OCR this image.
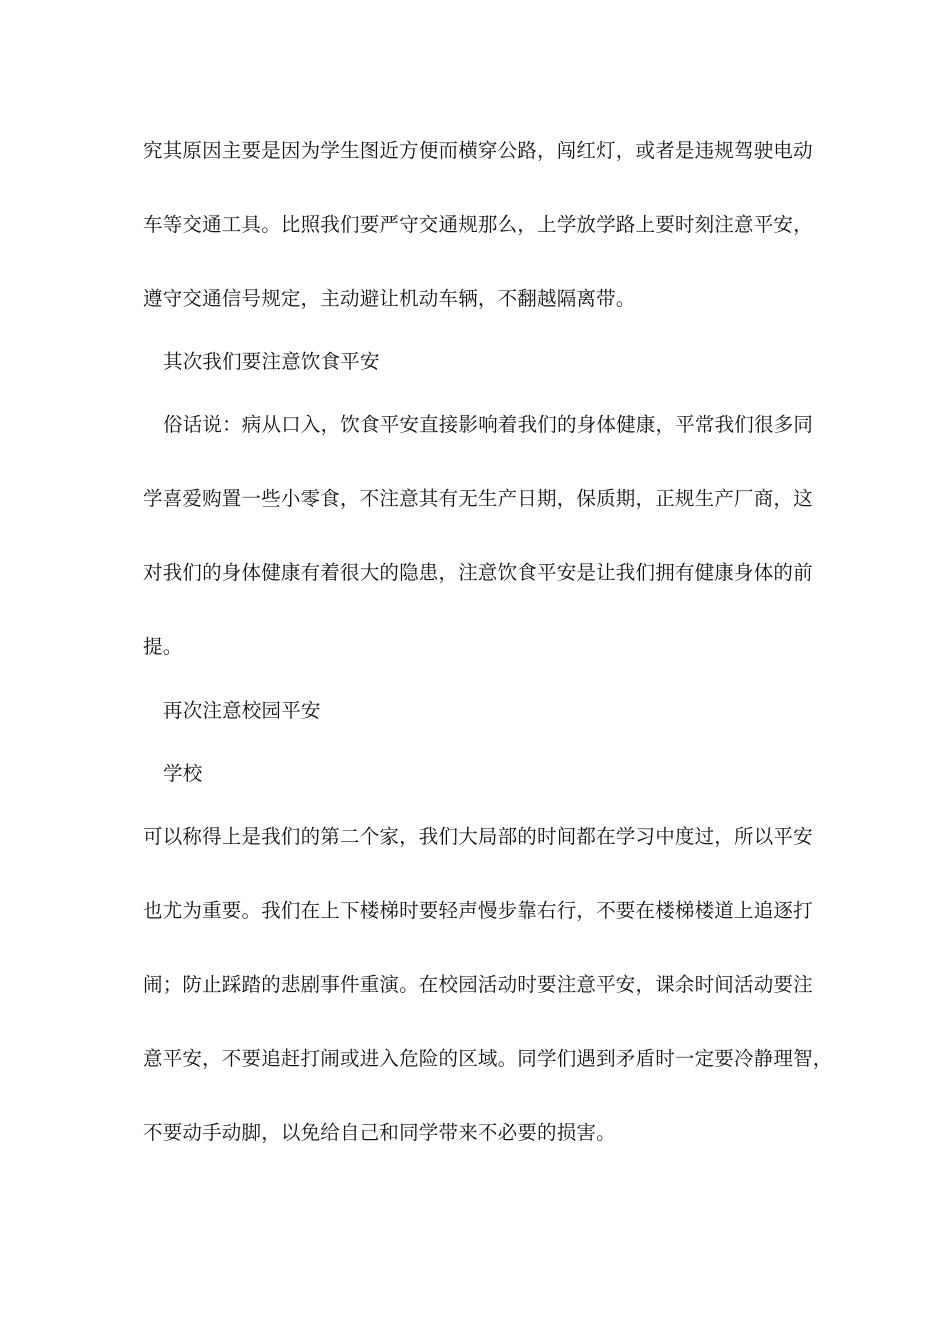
究其原因主要是因为学生图近方便而横穿公路，闯红灯，或者是违规驾驶电动
车等交通工具。比照我们要严守交通规那么，上学放学路上要时刻注意平安，
遵守交通信号规定，主动避让机动车辆，不翻越隔离带。
其次我们要注意饮食平安
俗话说：病从口入，饮食平安直接影响着我们的身体健康，平常我们很多同
学喜爱购置一些小零食，不注意其有无生产日期，保质期，正规生产厂商，这
对我们的身体健康有着很大的隐患，注意饮食平安是让我们拥有健康身体的前
提。
再次注意校园平安
学校
可以称得上是我们的第二个家，我们大局部的时间都在学习中度过，所以平安
也尤为重要。我们在上下楼梯时要轻声慢步靠右行，不要在楼梯楼道上追逐打
闹；防止踩踏的悲剧事件重演。在校园活动时要注意平安，课余时间活动要注
意平安，不要追赶打闹或进入危险的区域。同学们遇到矛盾时一定要冷静理智，
不要动手动脚，以免给自己和同学带来不必要的损害。
